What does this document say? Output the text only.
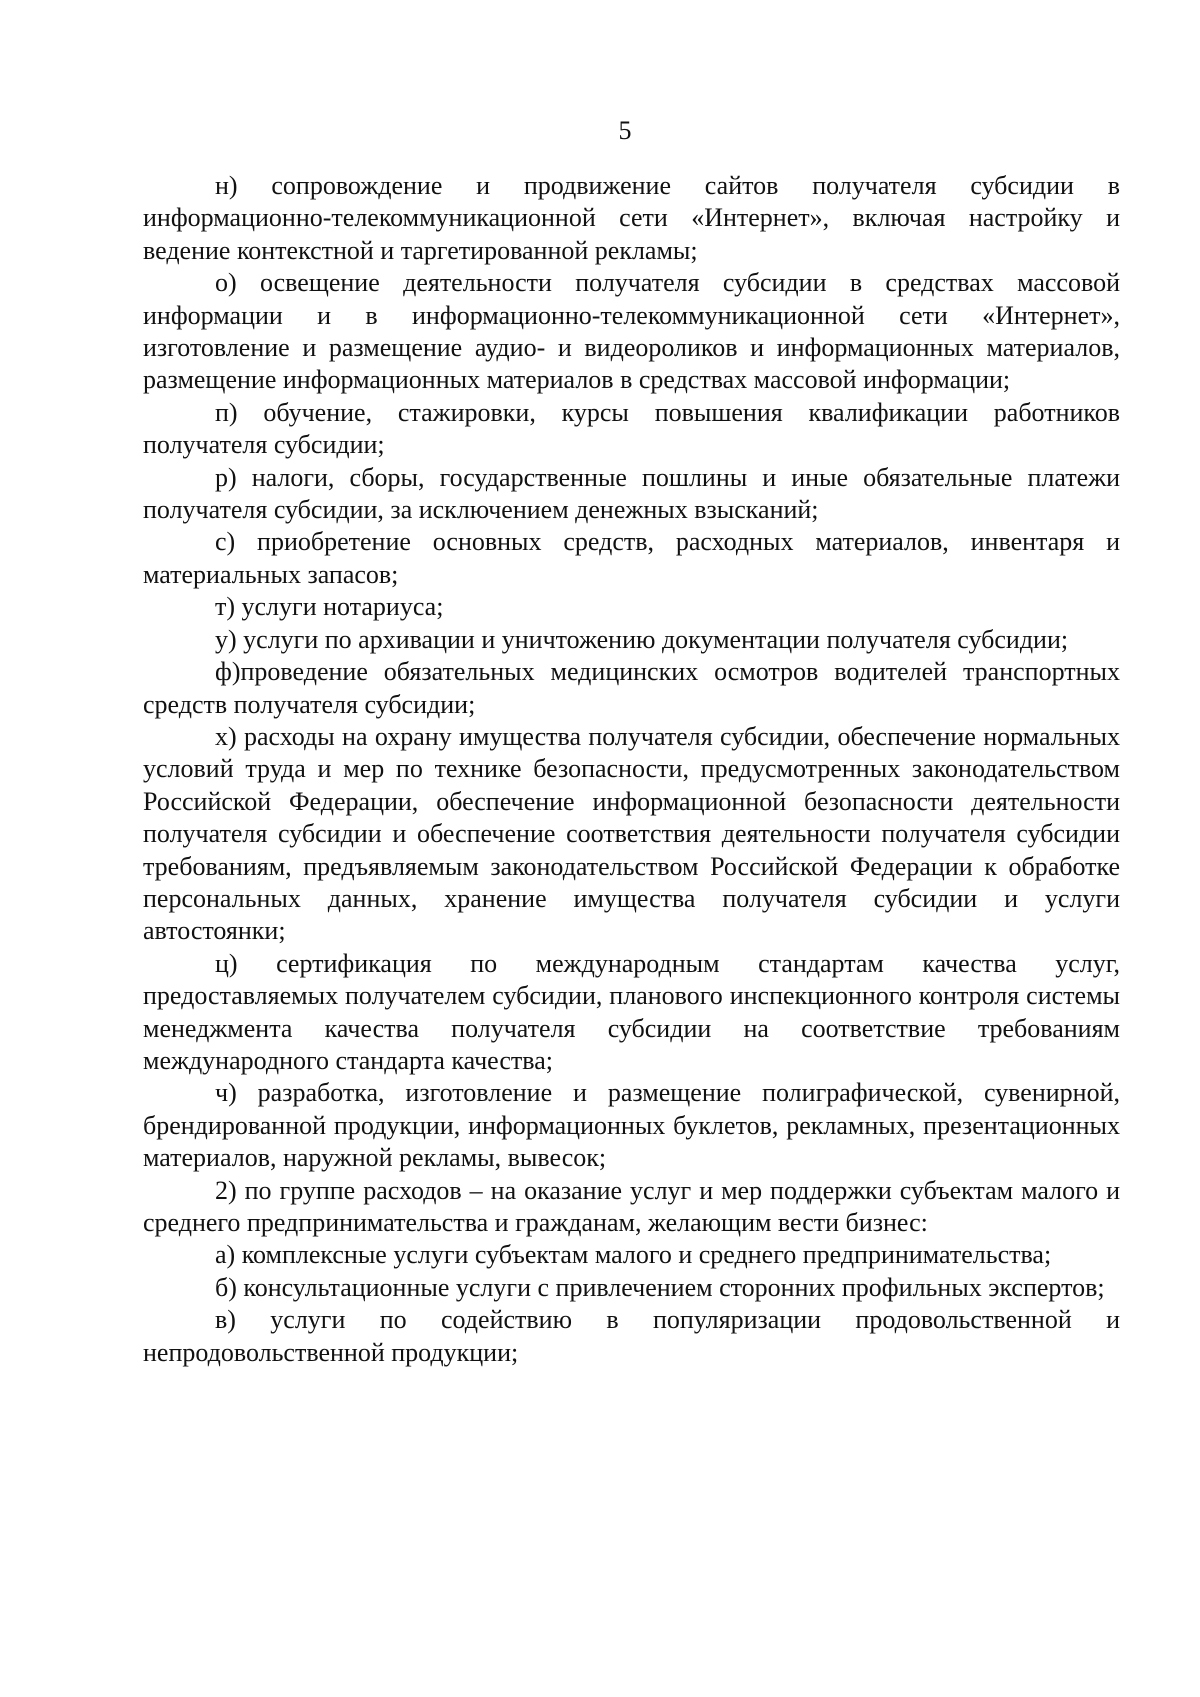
5

н) сопровождение и продвижение сайтов получателя субсидии в информационно-телекоммуникационной сети «Интернет», включая настройку и ведение контекстной и таргетированной рекламы;

о) освещение деятельности получателя субсидии в средствах массовой информации и в информационно-телекоммуникационной сети «Интернет», изготовление и размещение аудио- и видеороликов и информационных материалов, размещение информационных материалов в средствах массовой информации;

п) обучение, стажировки, курсы повышения квалификации работников получателя субсидии;

р) налоги, сборы, государственные пошлины и иные обязательные платежи получателя субсидии, за исключением денежных взысканий;

с) приобретение основных средств, расходных материалов, инвентаря и материальных запасов;

т) услуги нотариуса;

у) услуги по архивации и уничтожению документации получателя субсидии;

ф)проведение обязательных медицинских осмотров водителей транспортных средств получателя субсидии;

х) расходы на охрану имущества получателя субсидии, обеспечение нормальных условий труда и мер по технике безопасности, предусмотренных законодательством Российской Федерации, обеспечение информационной безопасности деятельности получателя субсидии и обеспечение соответствия деятельности получателя субсидии требованиям, предъявляемым законодательством Российской Федерации к обработке персональных данных, хранение имущества получателя субсидии и услуги автостоянки;

ц) сертификация по международным стандартам качества услуг, предоставляемых получателем субсидии, планового инспекционного контроля системы менеджмента качества получателя субсидии на соответствие требованиям международного стандарта качества;

ч) разработка, изготовление и размещение полиграфической, сувенирной, брендированной продукции, информационных буклетов, рекламных, презентационных материалов, наружной рекламы, вывесок;

2) по группе расходов – на оказание услуг и мер поддержки субъектам малого и среднего предпринимательства и гражданам, желающим вести бизнес:

а) комплексные услуги субъектам малого и среднего предпринимательства;

б) консультационные услуги с привлечением сторонних профильных экспертов;

в) услуги по содействию в популяризации продовольственной и непродовольственной продукции;
